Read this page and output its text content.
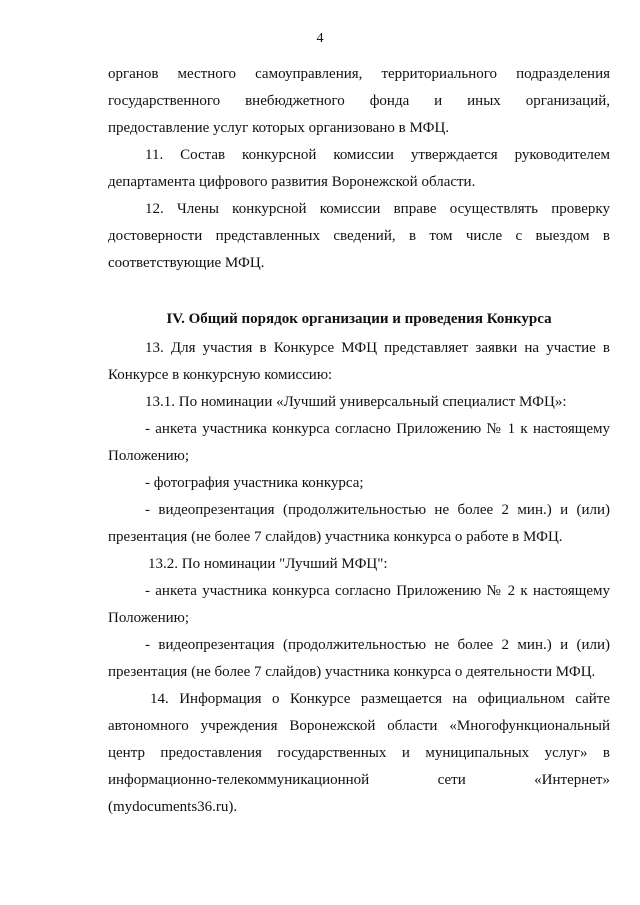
4
органов местного самоуправления, территориального подразделения
государственного внебюджетного фонда и иных организаций,
предоставление услуг которых организовано в МФЦ.
11. Состав конкурсной комиссии утверждается руководителем
департамента цифрового развития Воронежской области.
12. Члены конкурсной комиссии вправе осуществлять проверку
достоверности представленных сведений, в том числе с выездом в
соответствующие МФЦ.
IV. Общий порядок организации и проведения Конкурса
13. Для участия в Конкурсе МФЦ представляет заявки на участие в
Конкурсе в конкурсную комиссию:
13.1. По номинации «Лучший универсальный специалист МФЦ»:
- анкета участника конкурса согласно Приложению № 1 к настоящему
Положению;
- фотография участника конкурса;
- видеопрезентация (продолжительностью не более 2 мин.) и (или)
презентация (не более 7 слайдов) участника конкурса о работе в МФЦ.
13.2. По номинации "Лучший МФЦ":
- анкета участника конкурса согласно Приложению № 2 к настоящему
Положению;
- видеопрезентация (продолжительностью не более 2 мин.) и (или)
презентация (не более 7 слайдов) участника конкурса о деятельности МФЦ.
14. Информация о Конкурсе размещается на официальном сайте
автономного учреждения Воронежской области «Многофункциональный
центр предоставления государственных и муниципальных услуг» в
информационно-телекоммуникационной сети «Интернет»
(mydocuments36.ru).
